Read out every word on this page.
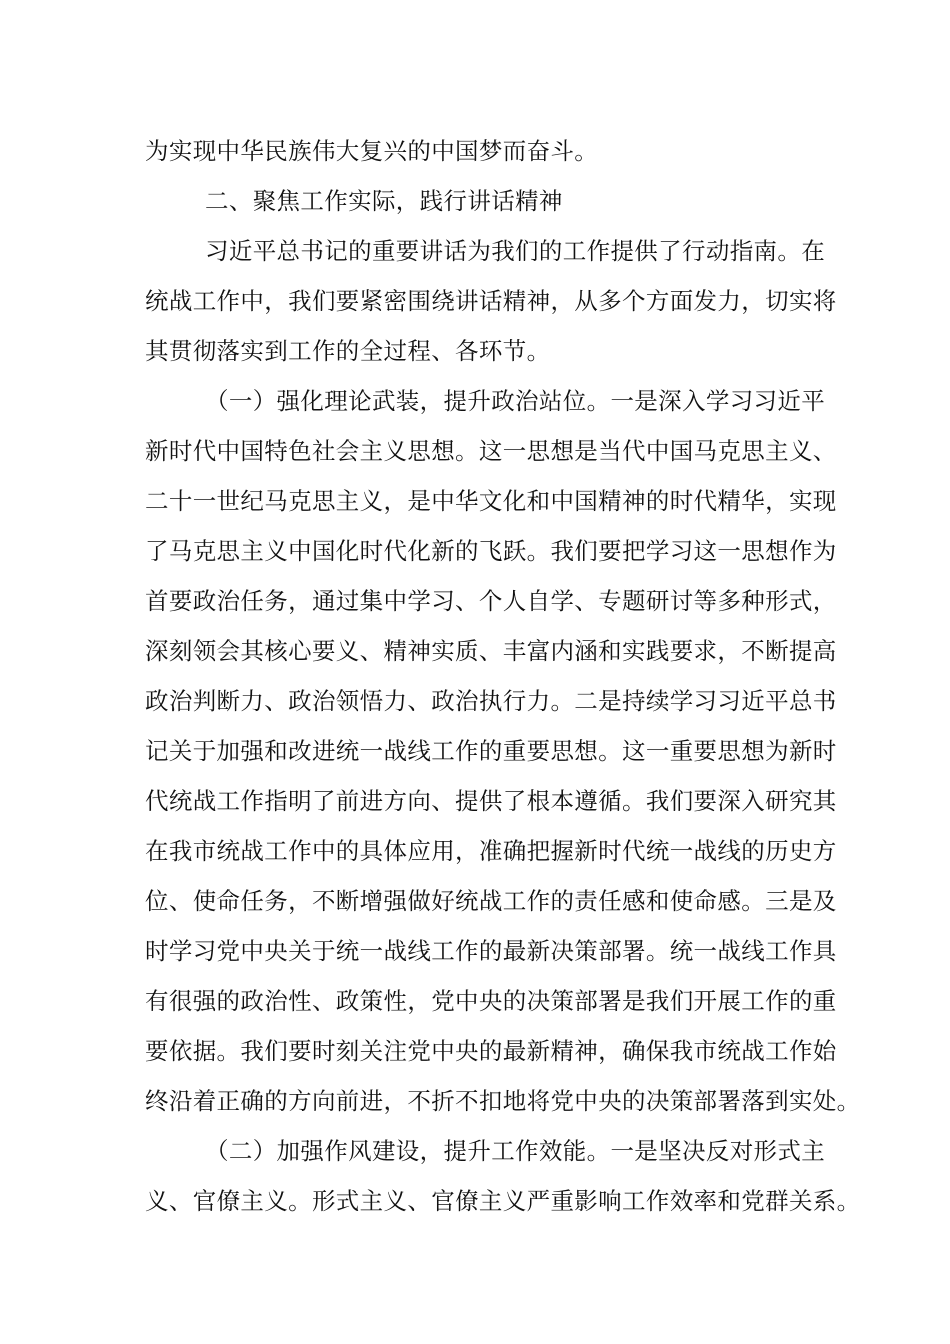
为实现中华民族伟大复兴的中国梦而奋斗。
二、聚焦工作实际，践行讲话精神
习近平总书记的重要讲话为我们的工作提供了行动指南。在
统战工作中，我们要紧密围绕讲话精神，从多个方面发力，切实将
其贯彻落实到工作的全过程、各环节。
（一）强化理论武装，提升政治站位。一是深入学习习近平
新时代中国特色社会主义思想。这一思想是当代中国马克思主义、
二十一世纪马克思主义，是中华文化和中国精神的时代精华，实现
了马克思主义中国化时代化新的飞跃。我们要把学习这一思想作为
首要政治任务，通过集中学习、个人自学、专题研讨等多种形式，
深刻领会其核心要义、精神实质、丰富内涵和实践要求，不断提高
政治判断力、政治领悟力、政治执行力。二是持续学习习近平总书
记关于加强和改进统一战线工作的重要思想。这一重要思想为新时
代统战工作指明了前进方向、提供了根本遵循。我们要深入研究其
在我市统战工作中的具体应用，准确把握新时代统一战线的历史方
位、使命任务，不断增强做好统战工作的责任感和使命感。三是及
时学习党中央关于统一战线工作的最新决策部署。统一战线工作具
有很强的政治性、政策性，党中央的决策部署是我们开展工作的重
要依据。我们要时刻关注党中央的最新精神，确保我市统战工作始
终沿着正确的方向前进，不折不扣地将党中央的决策部署落到实处。
（二）加强作风建设，提升工作效能。一是坚决反对形式主
义、官僚主义。形式主义、官僚主义严重影响工作效率和党群关系。
